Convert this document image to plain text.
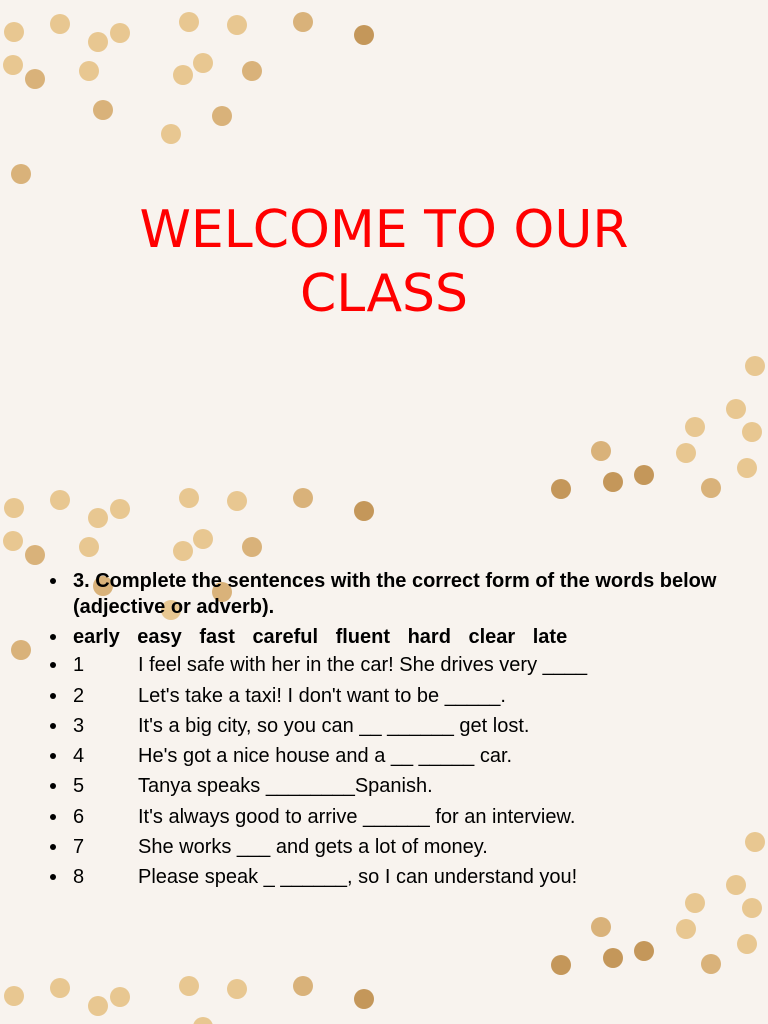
WELCOME TO OUR
CLASS
3. Complete the sentences with the correct form of the words below (adjective or adverb).
early easy fast careful fluent hard clear late
1	I feel safe with her in the car! She drives very ____
2	Let's take a taxi! I don't want to be _____.
3	It's a big city, so you can __ ______ get lost.
4	He's got a nice house and a __ _____ car.
5	Tanya speaks ________Spanish.
6	It's always good to arrive ______ for an interview.
7	She works ___ and gets a lot of money.
8	Please speak _ ______, so I can understand you!
